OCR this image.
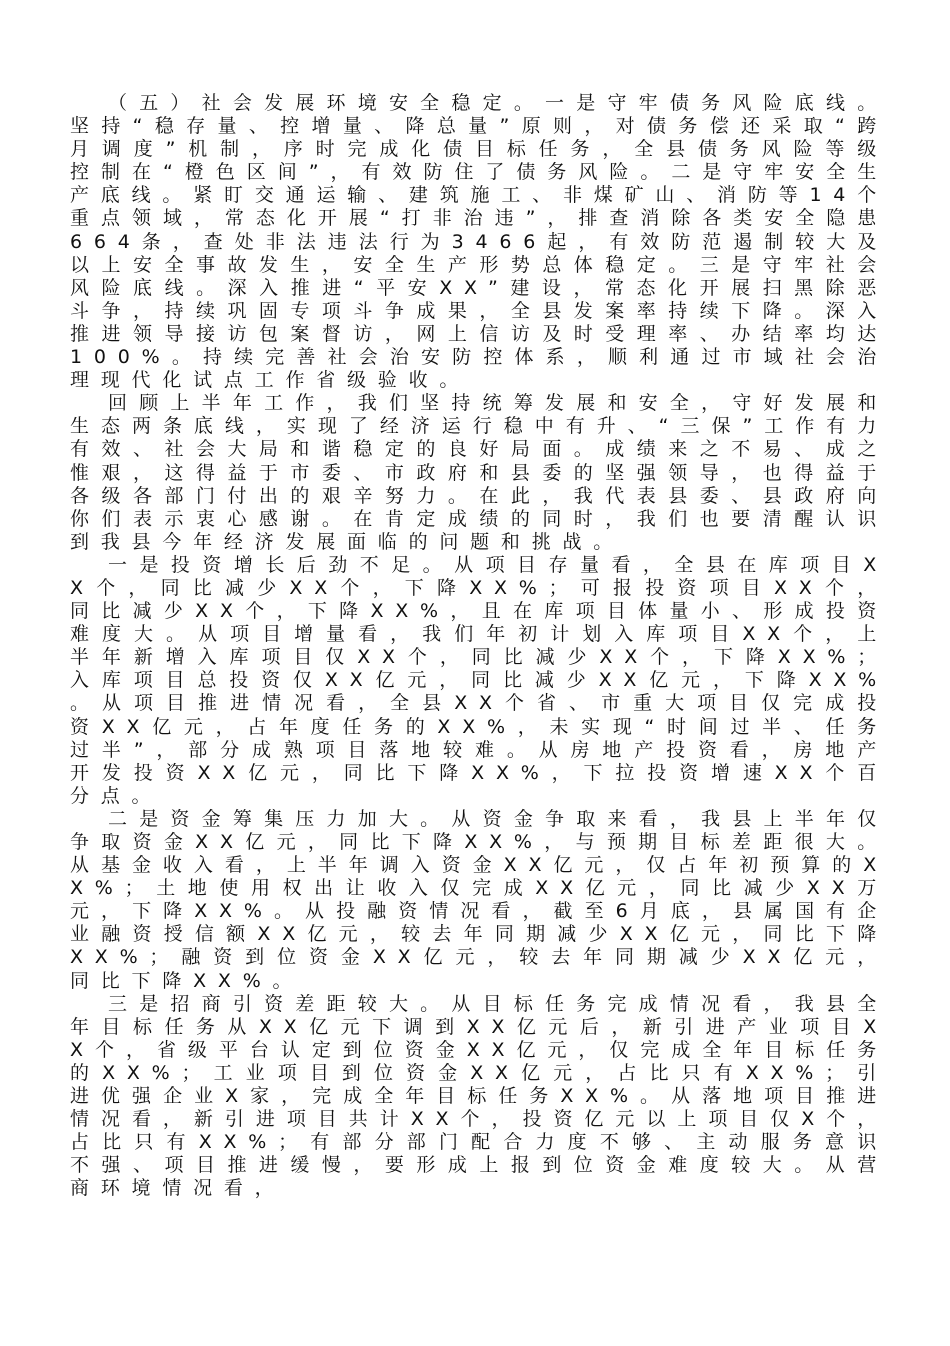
（五）社会发展环境安全稳定。一是守牢债务风险底线。坚持“稳存量、控增量、降总量”原则，对债务偿还采取“跨月调度”机制，序时完成化债目标任务，全县债务风险等级控制在“橙色区间”，有效防住了债务风险。二是守牢安全生产底线。紧盯交通运输、建筑施工、非煤矿山、消防等14个重点领域，常态化开展“打非治违”，排查消除各类安全隐患664条，查处非法违法行为3466起，有效防范遏制较大及以上安全事故发生，安全生产形势总体稳定。三是守牢社会风险底线。深入推进“平安XX”建设，常态化开展扫黑除恶斗争，持续巩固专项斗争成果，全县发案率持续下降。深入推进领导接访包案督访，网上信访及时受理率、办结率均达100%。持续完善社会治安防控体系，顺利通过市域社会治理现代化试点工作省级验收。

回顾上半年工作，我们坚持统筹发展和安全，守好发展和生态两条底线，实现了经济运行稳中有升、“三保”工作有力有效、社会大局和谐稳定的良好局面。成绩来之不易、成之惟艰，这得益于市委、市政府和县委的坚强领导，也得益于各级各部门付出的艰辛努力。在此，我代表县委、县政府向你们表示衷心感谢。在肯定成绩的同时，我们也要清醒认识到我县今年经济发展面临的问题和挑战。

一是投资增长后劲不足。从项目存量看，全县在库项目XX个，同比减少XX个，下降XX%；可报投资项目XX个，同比减少XX个，下降XX%，且在库项目体量小、形成投资难度大。从项目增量看，我们年初计划入库项目XX个，上半年新增入库项目仅XX个，同比减少XX个，下降XX%；入库项目总投资仅XX亿元，同比减少XX亿元，下降XX%。从项目推进情况看，全县XX个省、市重大项目仅完成投资XX亿元，占年度任务的XX%，未实现“时间过半、任务过半”，部分成熟项目落地较难。从房地产投资看，房地产开发投资XX亿元，同比下降XX%，下拉投资增速XX个百分点。

二是资金筹集压力加大。从资金争取来看，我县上半年仅争取资金XX亿元，同比下降XX%，与预期目标差距很大。从基金收入看，上半年调入资金XX亿元，仅占年初预算的XX%；土地使用权出让收入仅完成XX亿元，同比减少XX万元，下降XX%。从投融资情况看，截至6月底，县属国有企业融资授信额XX亿元，较去年同期减少XX亿元，同比下降XX%；融资到位资金XX亿元，较去年同期减少XX亿元，同比下降XX%。

三是招商引资差距较大。从目标任务完成情况看，我县全年目标任务从XX亿元下调到XX亿元后，新引进产业项目XX个，省级平台认定到位资金XX亿元，仅完成全年目标任务的XX%；工业项目到位资金XX亿元，占比只有XX%；引进优强企业X家，完成全年目标任务XX%。从落地项目推进情况看，新引进项目共计XX个，投资亿元以上项目仅X个，占比只有XX%；有部分部门配合力度不够、主动服务意识不强、项目推进缓慢，要形成上报到位资金难度较大。从营商环境情况看，
